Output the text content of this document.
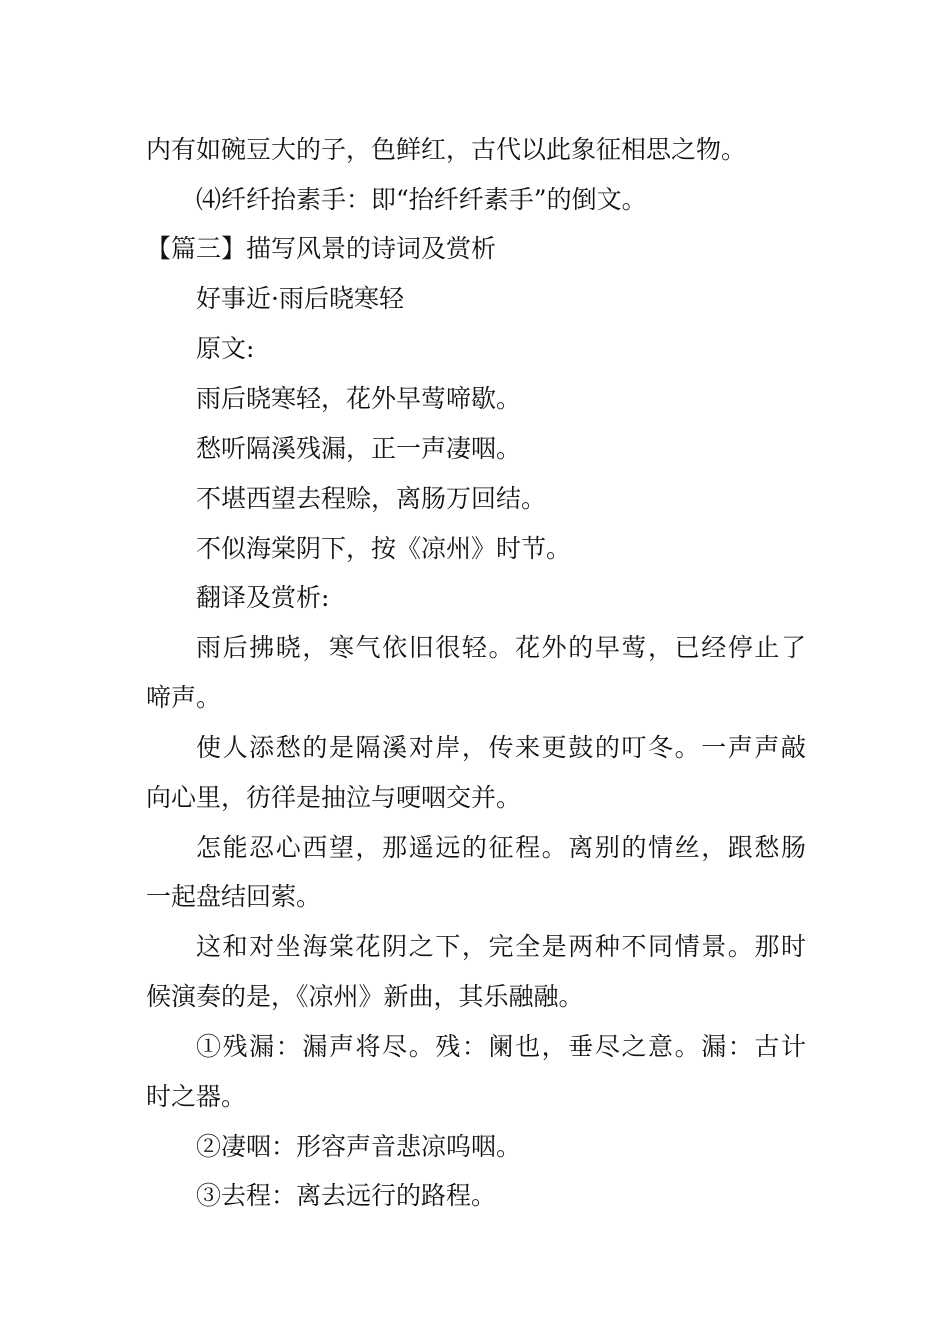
内有如碗豆大的子，色鲜红，古代以此象征相思之物。
⑷纤纤抬素手：即“抬纤纤素手”的倒文。
【篇三】描写风景的诗词及赏析
好事近·雨后晓寒轻
原文:
雨后晓寒轻，花外早莺啼歇。
愁听隔溪残漏，正一声凄咽。
不堪西望去程赊，离肠万回结。
不似海棠阴下，按《凉州》时节。
翻译及赏析:
雨后拂晓，寒气依旧很轻。花外的早莺，已经停止了
啼声。
使人添愁的是隔溪对岸，传来更鼓的叮冬。一声声敲
向心里，彷徉是抽泣与哽咽交并。
怎能忍心西望，那遥远的征程。离别的情丝，跟愁肠
一起盘结回萦。
这和对坐海棠花阴之下，完全是两种不同情景。那时
候演奏的是，《凉州》新曲，其乐融融。
①残漏：漏声将尽。残：阑也，垂尽之意。漏：古计
时之器。
②凄咽：形容声音悲凉呜咽。
③去程：离去远行的路程。
